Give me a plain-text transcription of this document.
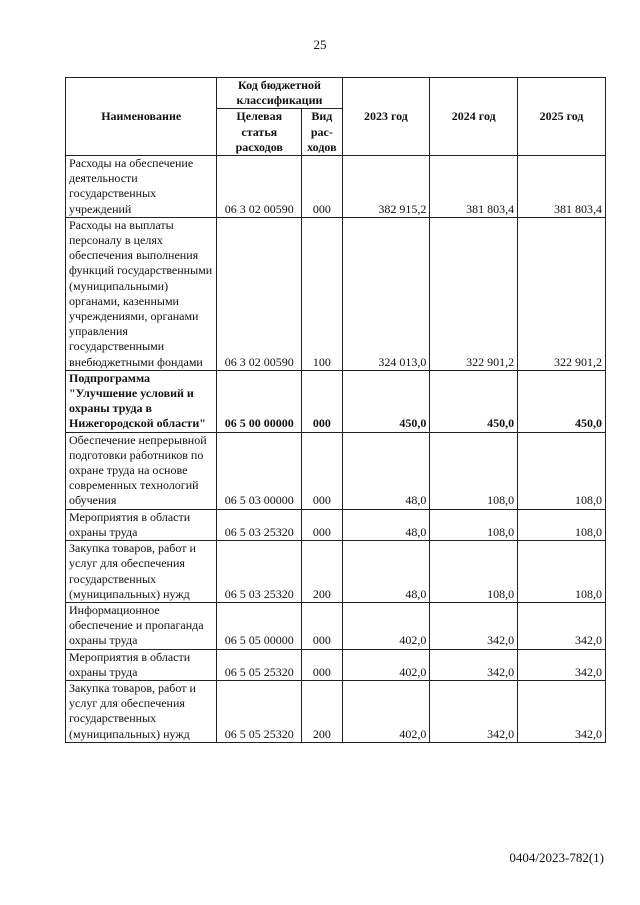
25
Наименование	Код бюджетной классификации		2023 год	2024 год	2025 год
	Целевая статья расходов	Вид рас-ходов			
Расходы на обеспечение деятельности государственных учреждений	06 3 02 00590	000	382 915,2	381 803,4	381 803,4
Расходы на выплаты персоналу в целях обеспечения выполнения функций государственными (муниципальными) органами, казенными учреждениями, органами управления государственными внебюджетными фондами	06 3 02 00590	100	324 013,0	322 901,2	322 901,2
Подпрограмма "Улучшение условий и охраны труда в Нижегородской области"	06 5 00 00000	000	450,0	450,0	450,0
Обеспечение непрерывной подготовки работников по охране труда на основе современных технологий обучения	06 5 03 00000	000	48,0	108,0	108,0
Мероприятия в области охраны труда	06 5 03 25320	000	48,0	108,0	108,0
Закупка товаров, работ и услуг для обеспечения государственных (муниципальных) нужд	06 5 03 25320	200	48,0	108,0	108,0
Информационное обеспечение и пропаганда охраны труда	06 5 05 00000	000	402,0	342,0	342,0
Мероприятия в области охраны труда	06 5 05 25320	000	402,0	342,0	342,0
Закупка товаров, работ и услуг для обеспечения государственных (муниципальных) нужд	06 5 05 25320	200	402,0	342,0	342,0
0404/2023-782(1)
